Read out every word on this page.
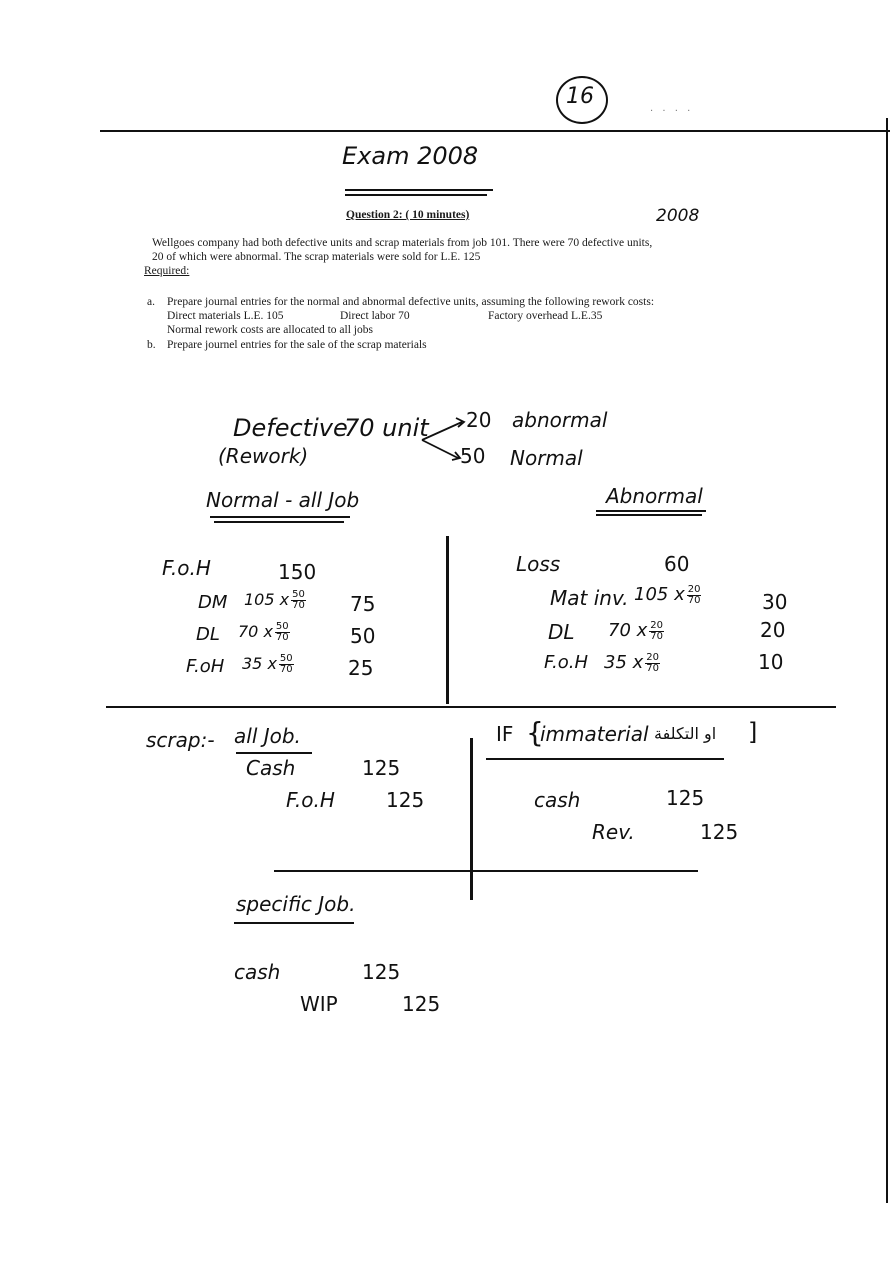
16
· · · ·
Exam 2008
Question 2: ( 10 minutes)	2008
Wellgoes company had both defective units and scrap materials from job 101. There were 70 defective units,
20 of which were abnormal. The scrap materials were sold for L.E. 125
Required:
a. Prepare journal entries for the normal and abnormal defective units, assuming the following rework costs:
Direct materials L.E. 105	Direct labor 70	Factory overhead L.E.35
Normal rework costs are allocated to all jobs
b. Prepare journel entries for the sale of the scrap materials
Defective
70 unit
(Rework)
20 abnormal
50 Normal
Normal - all Job	Abnormal
F.o.H	150
DM 105 x $\frac{50}{70} 75$
DL 70 x $\frac{50}{70}$	50
F.oH 35 x $\frac{50}{70}$	25
Loss	60
Mat inv. 105 x $\frac{20}{70}$	30
DL 70 x $\frac{20}{70}$	20
F.o.H 35 x $\frac{20}{70}$	10
scrap:- all Job.
Cash	125
F.o.H	125
IF {
immaterial او التكلفة ]
cash	125
Rev.	125
specific Job.
cash	125
WIP	125
